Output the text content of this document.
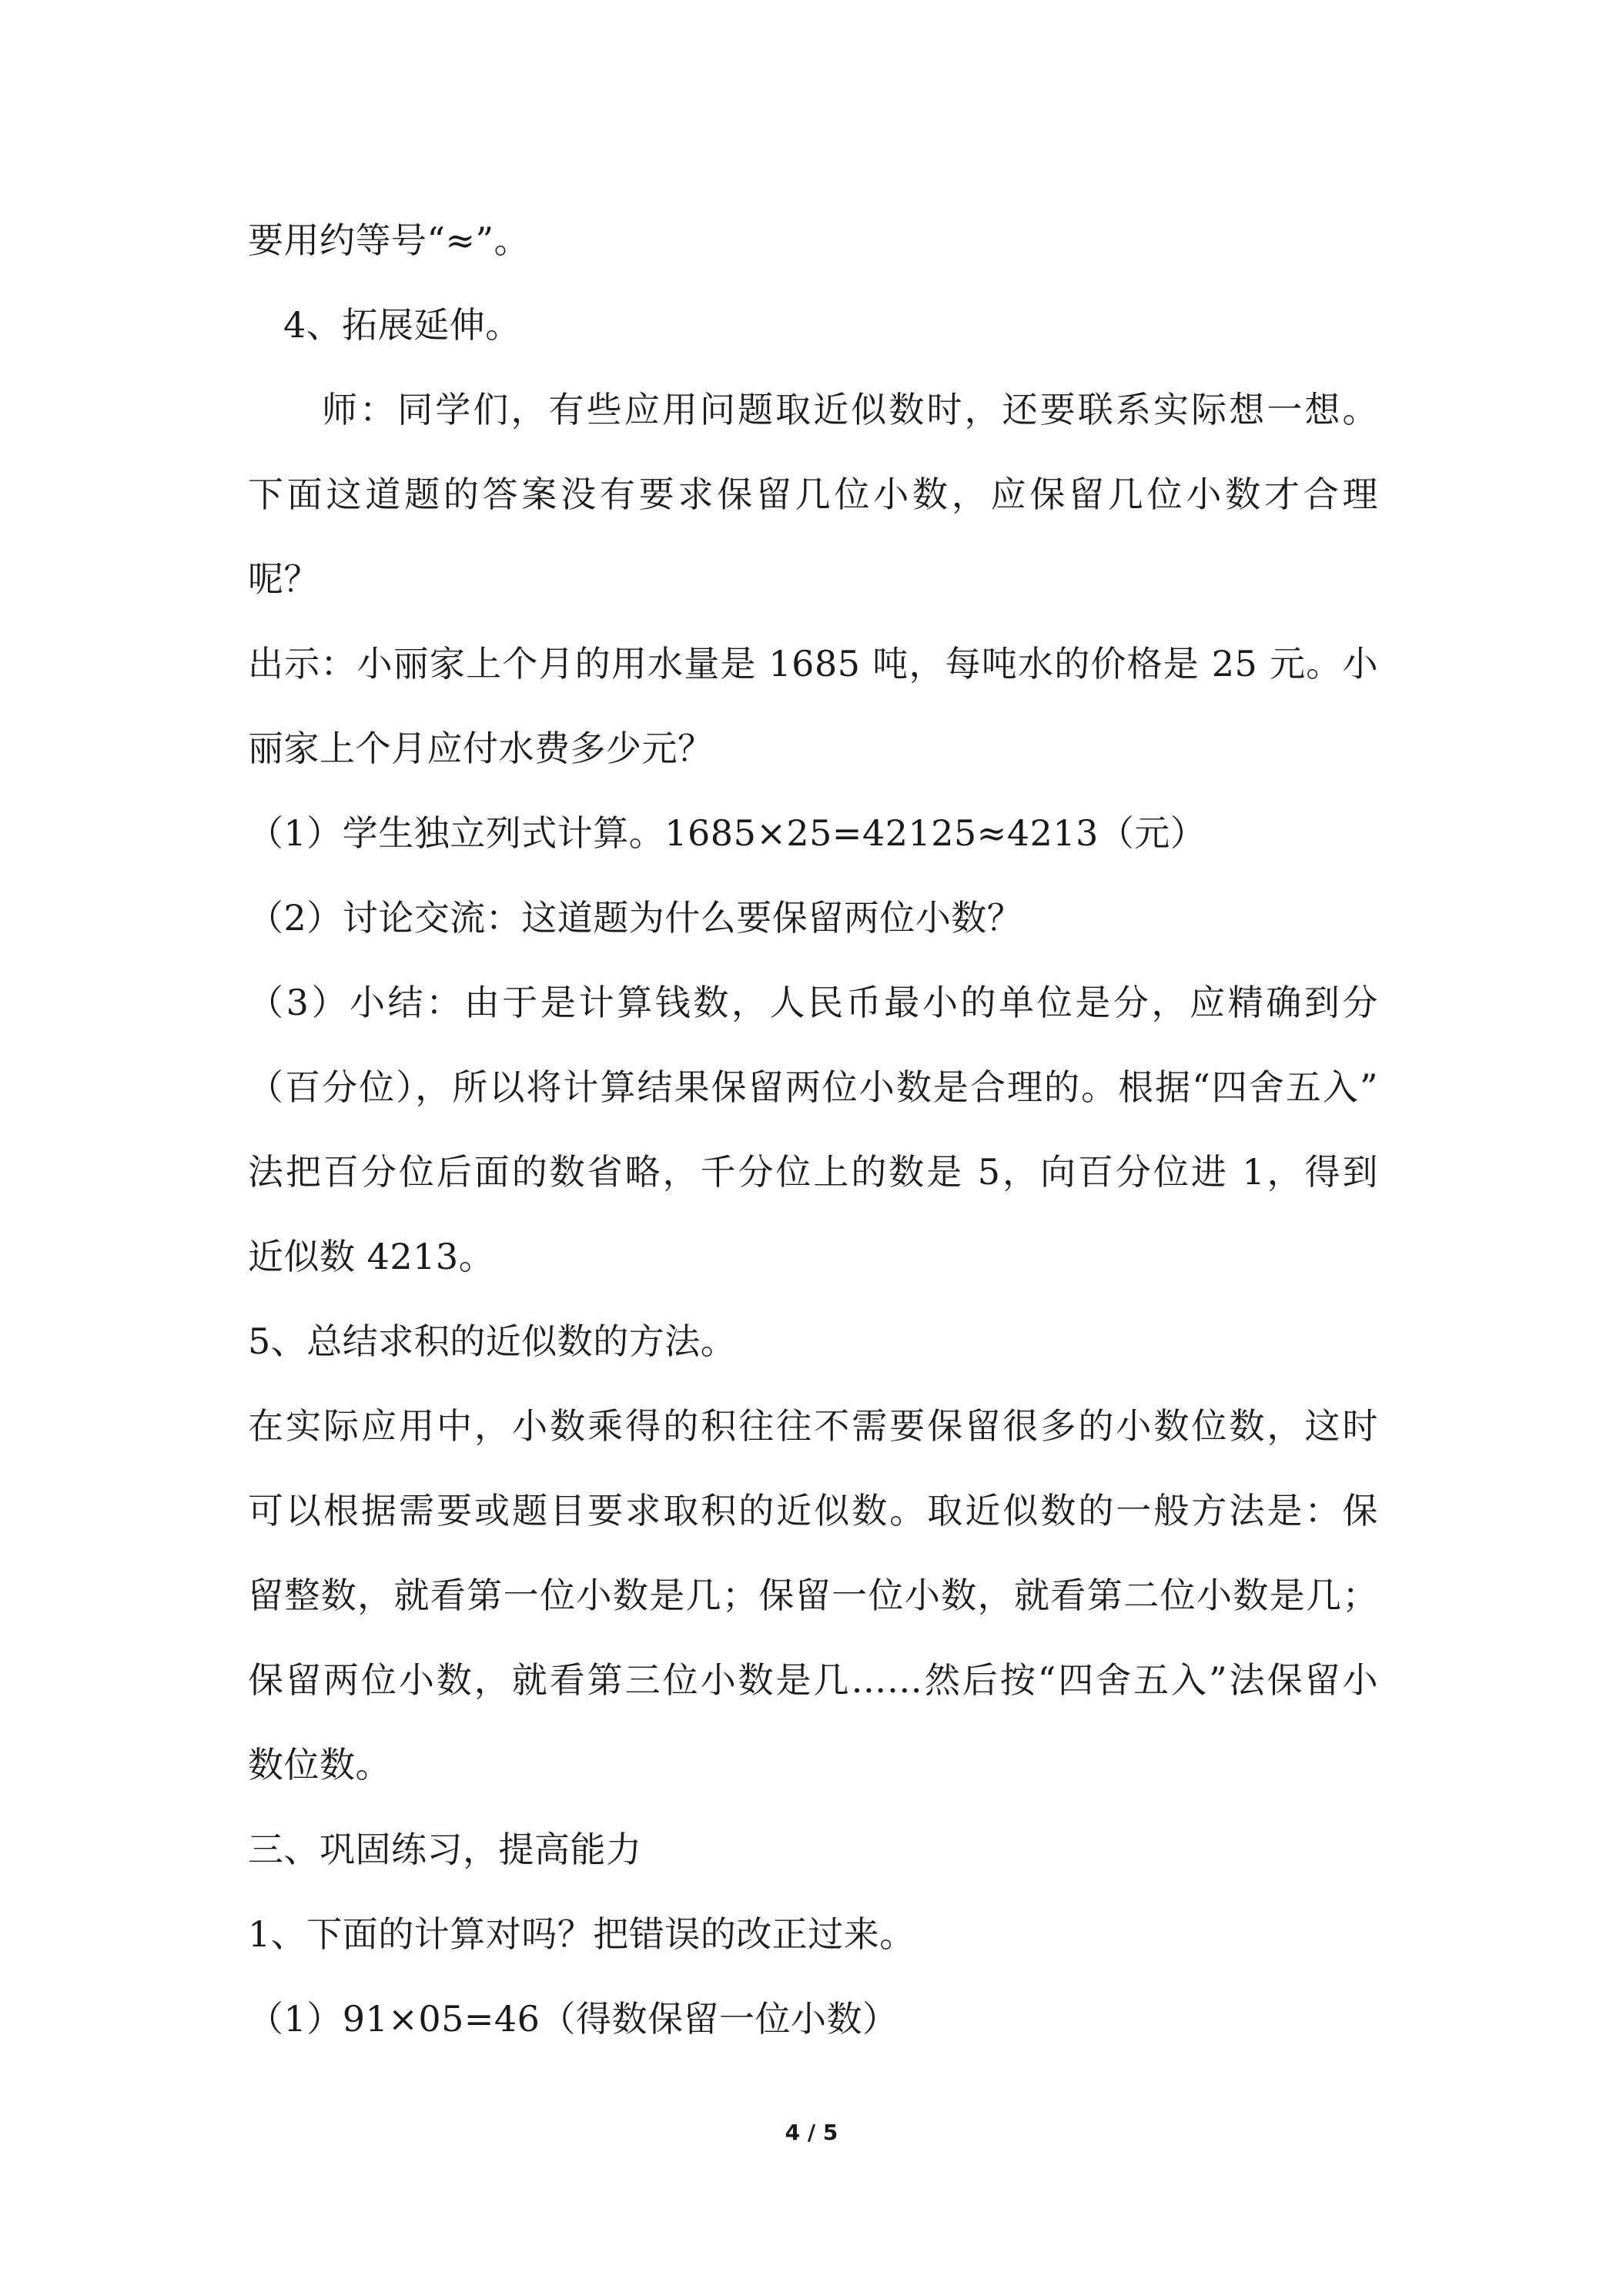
要用约等号“≈”。
4、拓展延伸。
师：同学们，有些应用问题取近似数时，还要联系实际想一想。
下面这道题的答案没有要求保留几位小数，应保留几位小数才合理
呢？
出示：小丽家上个月的用水量是 1685 吨，每吨水的价格是 25 元。小
丽家上个月应付水费多少元？
（1）学生独立列式计算。1685×25=42125≈4213（元）
（2）讨论交流：这道题为什么要保留两位小数？
（3）小结：由于是计算钱数，人民币最小的单位是分，应精确到分
（百分位），所以将计算结果保留两位小数是合理的。根据“四舍五入”
法把百分位后面的数省略，千分位上的数是 5，向百分位进 1，得到
近似数 4213。
5、总结求积的近似数的方法。
在实际应用中，小数乘得的积往往不需要保留很多的小数位数，这时
可以根据需要或题目要求取积的近似数。取近似数的一般方法是：保
留整数，就看第一位小数是几；保留一位小数，就看第二位小数是几；
保留两位小数，就看第三位小数是几……然后按“四舍五入”法保留小
数位数。
三、巩固练习，提高能力
1、下面的计算对吗？把错误的改正过来。
（1）91×05=46（得数保留一位小数）
4 / 5
